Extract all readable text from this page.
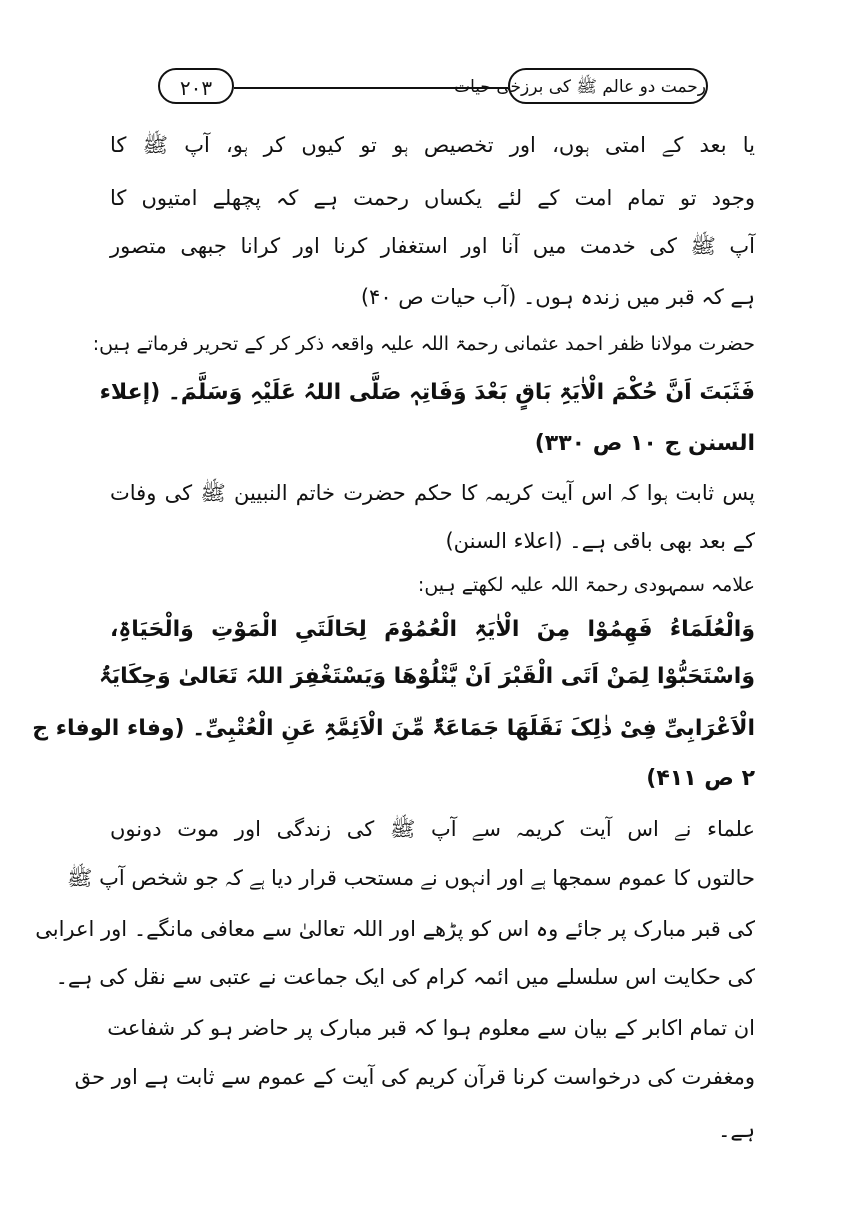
۲۰۳	رحمت دو عالم ﷺ کی برزخی حیات
یا بعد کے امتی ہوں، اور تخصیص ہو تو کیوں کر ہو، آپ ﷺ کا
وجود تو تمام امت کے لئے یکساں رحمت ہے کہ پچھلے امتیوں کا
آپ ﷺ کی خدمت میں آنا اور استغفار کرنا اور کرانا جبھی متصور
ہے کہ قبر میں زندہ ہوں۔ (آب حیات ص ۴۰)
حضرت مولانا ظفر احمد عثمانی رحمۃ اللہ علیہ واقعہ ذکر کر کے تحریر فرماتے ہیں:
فَثَبَتَ اَنَّ حُکْمَ الْاٰیَۃِ بَاقٍ بَعْدَ وَفَاتِہٖ صَلَّی اللہُ عَلَیْہِ وَسَلَّمَ۔ (إعلاء
السنن ج ۱۰ ص ۳۳۰)
پس ثابت ہوا کہ اس آیت کریمہ کا حکم حضرت خاتم النبیین ﷺ کی وفات
کے بعد بھی باقی ہے۔ (اعلاء السنن)
علامہ سمہودی رحمۃ اللہ علیہ لکھتے ہیں:
وَالْعُلَمَاءُ فَھِمُوْا مِنَ الْاٰیَۃِ الْعُمُوْمَ لِحَالَتَیِ الْمَوْتِ وَالْحَیَاۃِ،
وَاسْتَحَبُّوْا لِمَنْ اَتَی الْقَبْرَ اَنْ یَّتْلُوْھَا وَیَسْتَغْفِرَ اللہَ تَعَالیٰ وَحِکَایَۃُ
الْاَعْرَابِیِّ فِیْ ذٰلِکَ نَقَلَھَا جَمَاعَۃٌ مِّنَ الْاَئِمَّۃِ عَنِ الْعُتْبِیِّ۔ (وفاء الوفاء ج
۲ ص ۴۱۱)
علماء نے اس آیت کریمہ سے آپ ﷺ کی زندگی اور موت دونوں
حالتوں کا عموم سمجھا ہے اور انہوں نے مستحب قرار دیا ہے کہ جو شخص آپ ﷺ
کی قبر مبارک پر جائے وہ اس کو پڑھے اور اللہ تعالیٰ سے معافی مانگے۔ اور اعرابی
کی حکایت اس سلسلے میں ائمہ کرام کی ایک جماعت نے عتبی سے نقل کی ہے۔
ان تمام اکابر کے بیان سے معلوم ہوا کہ قبر مبارک پر حاضر ہو کر شفاعت
ومغفرت کی درخواست کرنا قرآن کریم کی آیت کے عموم سے ثابت ہے اور حق
ہے۔
